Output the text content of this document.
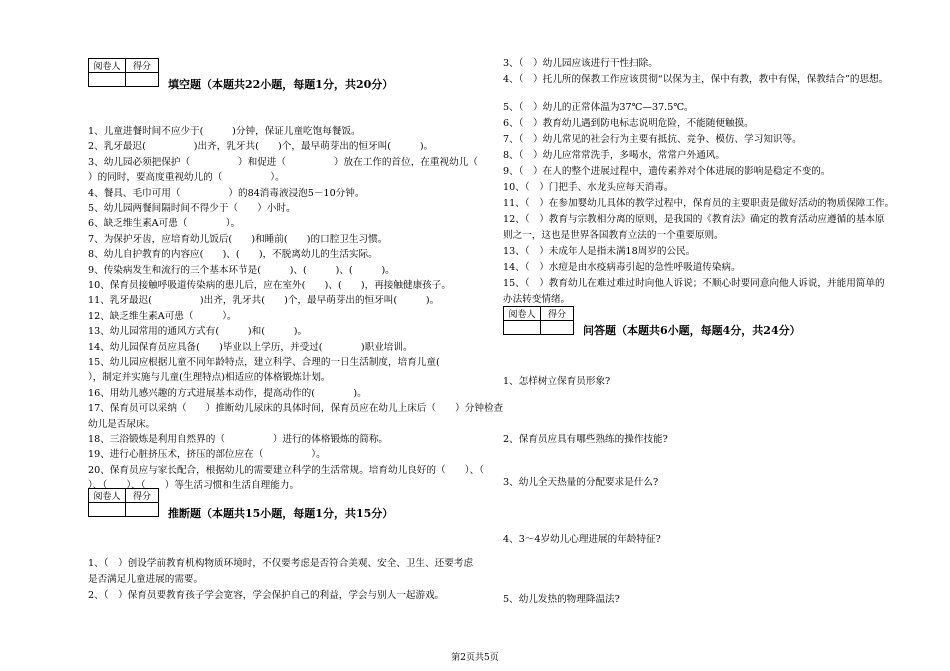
阅卷人	得分

填空题（本题共22小题，每题1分，共20分）
1、儿童进餐时间不应少于(　　　)分钟，保证儿童吃饱每餐饭。
2、乳牙最迟(　　　　　)出齐，乳牙共(　　)个，最早萌芽出的恒牙叫(　　　)。
3、幼儿园必须把保护（　　　　　）和促进（　　　　　）放在工作的首位，在重视幼儿（
）的同时，要高度重视幼儿的（　　　　　）。
4、餐具、毛巾可用（　　　　　）的84消毒液浸泡5－10分钟。
5、幼儿园两餐间隔时间不得少于（　　）小时。
6、缺乏维生素A可患（　　　　）。
7、为保护牙齿，应培育幼儿饭后(　　)和睡前(　　)的口腔卫生习惯。
8、幼儿自护教育的内容应(　　)、(　　)，不脱离幼儿的生活实际。
9、传染病发生和流行的三个基本环节是(　　　)、(　　　)、(　　　)。
10、保育员接触呼吸道传染病的患儿后，应在室外(　　)、(　　)，再接触健康孩子。
11、乳牙最迟(　　　　　)出齐，乳牙共(　　)个，最早萌芽出的恒牙叫(　　　)。
12、缺乏维生素A可患（　　　）。
13、幼儿园常用的通风方式有(　　　)和(　　　)。
14、幼儿园保育员应具备(　　)毕业以上学历，并受过(　　　　)职业培训。
15、幼儿园应根据儿童不同年龄特点，建立科学、合理的一日生活制度，培育儿童(
），制定并实施与儿童(生理特点)相适应的体格锻炼计划。
16、用幼儿感兴趣的方式进展基本动作，提高动作的(　　　　)。
17、保育员可以采纳（　　）推断幼儿尿床的具体时间，保育员应在幼儿上床后（　　）分钟检查
幼儿是否尿床。
18、三浴锻炼是利用自然界的（　　　　　）进行的体格锻炼的简称。
19、进行心脏挤压术，挤压的部位应在（　　　　　）。
20、保育员应与家长配合，根据幼儿的需要建立科学的生活常规。培育幼儿良好的（　　）、（
）、（　　）、（　　）等生活习惯和生活自理能力。
阅卷人	得分

推断题（本题共15小题，每题1分，共15分）
1、（　）创设学前教育机构物质环境时，不仅要考虑是否符合美观、安全、卫生、还要考虑
是否满足儿童进展的需要。
2、（　）保育员要教育孩子学会宽容，学会保护自己的利益，学会与别人一起游戏。
3、（　）幼儿园应该进行干性扫除。
4、（　）托儿所的保教工作应该贯彻“以保为主，保中有教，教中有保，保教结合”的思想。
5、（　）幼儿的正常体温为37℃—37.5℃。
6、（　）教育幼儿遇到防电标志说明危险，不能随便触摸。
7、（　）幼儿常见的社会行为主要有抵抗、竞争、模仿、学习知识等。
8、（　）幼儿应常常洗手，多喝水，常常户外通风。
9、（　）在人的整个进展过程中，遗传素养对个体进展的影响是稳定不变的。
10、（　）门把手、水龙头应每天消毒。
11、（　）在参加婴幼儿具体的教学过程中，保育员的主要职责是做好活动的物质保障工作。
12、（　）教育与宗教相分离的原则，是我国的《教育法》确定的教育活动应遵循的基本原
则之一，这也是世界各国教育立法的一个重要原则。
13、（　）未成年人是指未满18周岁的公民。
14、（　）水痘是由水疫病毒引起的急性呼吸道传染病。
15、（　）教育幼儿在难过难过时向他人诉说；不顺心时要同意向他人诉说，并能用简单的
办法转变情绪。
阅卷人	得分

问答题（本题共6小题，每题4分，共24分）
1、怎样树立保育员形象?
2、保育员应具有哪些熟练的操作技能?
3、幼儿全天热量的分配要求是什么?
4、3～4岁幼儿心理进展的年龄特征?
5、幼儿发热的物理降温法?
第2页共5页
